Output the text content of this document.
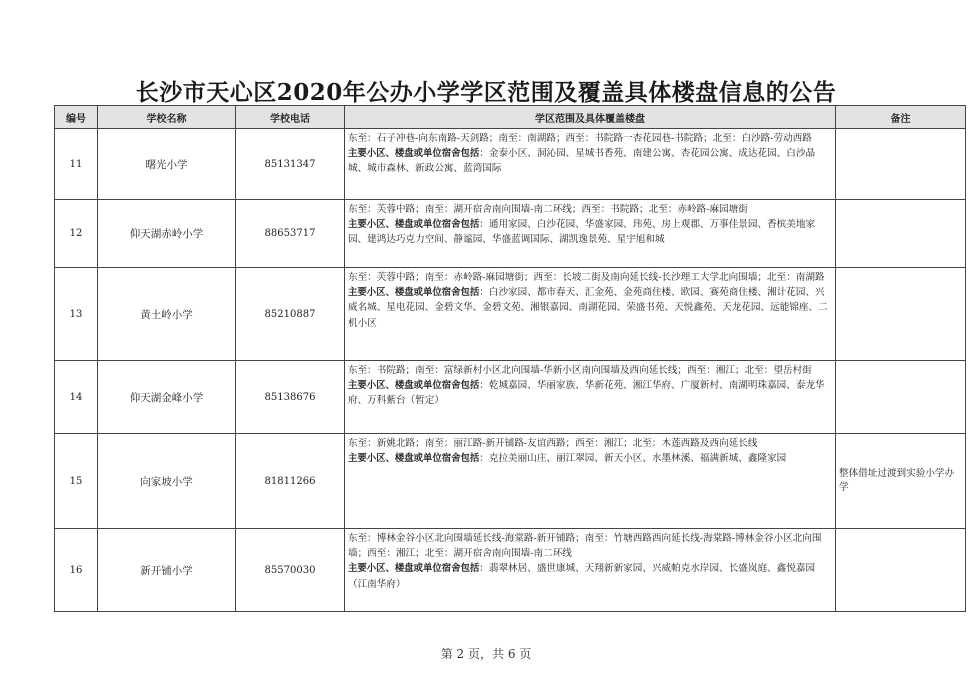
长沙市天心区2020年公办小学学区范围及覆盖具体楼盘信息的公告
编号	学校名称	学校电话	学区范围及具体覆盖楼盘	备注
11	曙光小学	85131347	东至：石子冲巷-向东南路-天剑路；南至：南湖路；西至：书院路一杏花园巷-书院路；北至：白沙路-劳动西路
主要小区、楼盘或单位宿舍包括：金泰小区、洞沁园、星城书香苑、南建公寓、杏花园公寓、成达花园、白沙晶城、城市森林、新政公寓、蓝湾国际	
12	仰天湖赤岭小学	88653717	东至：芙蓉中路；南至：湖开宿舍南向围墙-南二环线；西至：书院路；北至：赤岭路-麻园塘街
主要小区、楼盘或单位宿舍包括：通用家园、白沙花园、华盛家园、玮苑、房上观郡、万事佳景园、香槟美地家园、建鸿达巧克力空间、静谧园、华盛蓝调国际、湖凯逸景苑、星宇旭和城	
13	黄土岭小学	85210887	东至：芙蓉中路；南至：赤岭路-麻园塘街；西至：长坡二街及南向延长线-长沙理工大学北向围墙；北至：南湖路
主要小区、楼盘或单位宿舍包括：白沙家园、都市春天、汇金苑、金苑商住楼、欧园、赛苑商住楼、湘计花园、兴威名城、星电花园、金碧文华、金碧文苑、湘银嘉园、南湖花园、荣盛书苑、天悦鑫苑、天龙花园、远能锦座、二机小区	
14	仰天湖金峰小学	85138676	东至：书院路；南至：富绿新村小区北向围墙-华新小区南向围墙及西向延长线；西至：湘江；北至：望岳村街
主要小区、楼盘或单位宿舍包括：乾城嘉园、华丽家族、华新花苑、湘江华府、广厦新村、南湖明珠嘉园、泰龙华府、万科紫台（暂定）	
15	向家坡小学	81811266	东至：新姚北路；南至：丽江路-新开铺路-友谊西路；西至：湘江；北至：木莲西路及西向延长线
主要小区、楼盘或单位宿舍包括：克拉美丽山庄、丽江翠园、新天小区、水墨林溪、福满新城、鑫隆家园	整体借址过渡到实验小学办学
16	新开铺小学	85570030	东至：博林金谷小区北向围墙延长线-海棠路-新开铺路；南至：竹塘西路西向延长线-海棠路-博林金谷小区北向围墙；西至：湘江；北至：湖开宿舍南向围墙-南二环线
主要小区、楼盘或单位宿舍包括：翡翠林居、盛世康城、天翔新新家园、兴威帕克水岸园、长盛岚庭、鑫悦嘉园（江南华府）	
第 2 页，共 6 页
